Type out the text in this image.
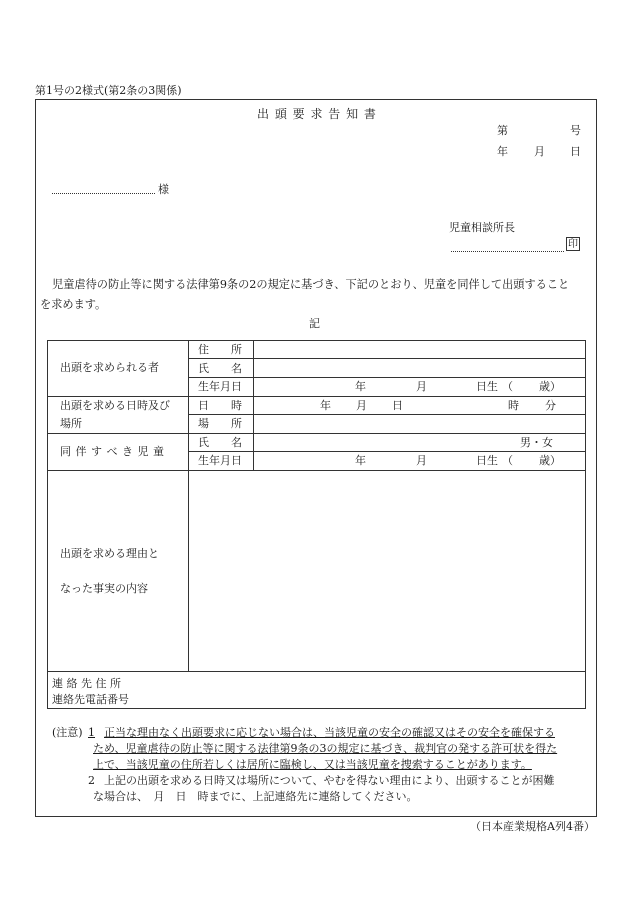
第1号の2様式(第2条の3関係)
出 頭 要 求 告 知 書
第	号
年 月 日
様
児童相談所長
印
児童虐待の防止等に関する法律第9条の2の規定に基づき、下記のとおり、児童を同伴して出頭すること
を求めます。
記
出頭を求められる者
住　　所
氏　　名
生年月日	年	月	日生 （ 歳）
出頭を求める日時及び
場所
日　　時	年 月 日	時 分
場　　所
同 伴 す べ き 児 童
氏　　名	男・女
生年月日	年	月	日生 （ 歳）
出頭を求める理由と
なった事実の内容
連 絡 先 住 所
連絡先電話番号
(注意) 1 正当な理由なく出頭要求に応じない場合は、当該児童の安全の確認又はその安全を確保する
ため、児童虐待の防止等に関する法律第9条の3の規定に基づき、裁判官の発する許可状を得た
上で、当該児童の住所若しくは居所に臨検し、又は当該児童を捜索することがあります。
2 上記の出頭を求める日時又は場所について、やむを得ない理由により、出頭することが困難
な場合は、　月　日　時までに、上記連絡先に連絡してください。
（日本産業規格A列4番）
